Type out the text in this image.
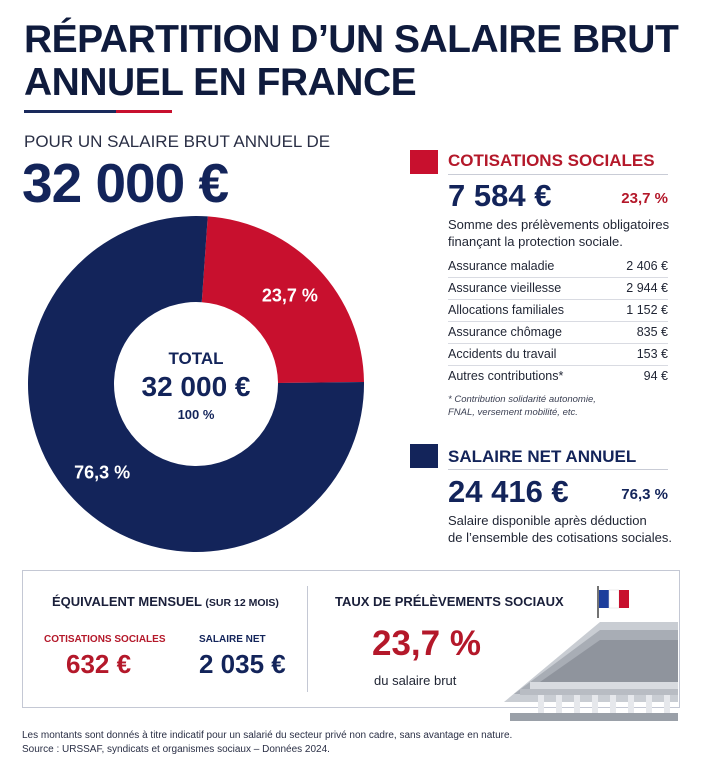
RÉPARTITION D’UN SALAIRE BRUT ANNUEL EN FRANCE
POUR UN SALAIRE BRUT ANNUEL DE
32 000 €
23,7 %
76,3 %
TOTAL
32 000 €
100 %
COTISATIONS SOCIALES
7 584 €	23,7 %
Somme des prélèvements obligatoires
finançant la protection sociale.
Assurance maladie	2 406 €
Assurance vieillesse	2 944 €
Allocations familiales	1 152 €
Assurance chômage	835 €
Accidents du travail	153 €
Autres contributions*	94 €
* Contribution solidarité autonomie,
FNAL, versement mobilité, etc.
SALAIRE NET ANNUEL
24 416 €	76,3 %
Salaire disponible après déduction
de l’ensemble des cotisations sociales.
ÉQUIVALENT MENSUEL (SUR 12 MOIS)
COTISATIONS SOCIALES
632 €
SALAIRE NET
2 035 €
TAUX DE PRÉLÈVEMENTS SOCIAUX
23,7 %
du salaire brut
Les montants sont donnés à titre indicatif pour un salarié du secteur privé non cadre, sans avantage en nature.
Source : URSSAF, syndicats et organismes sociaux – Données 2024.
